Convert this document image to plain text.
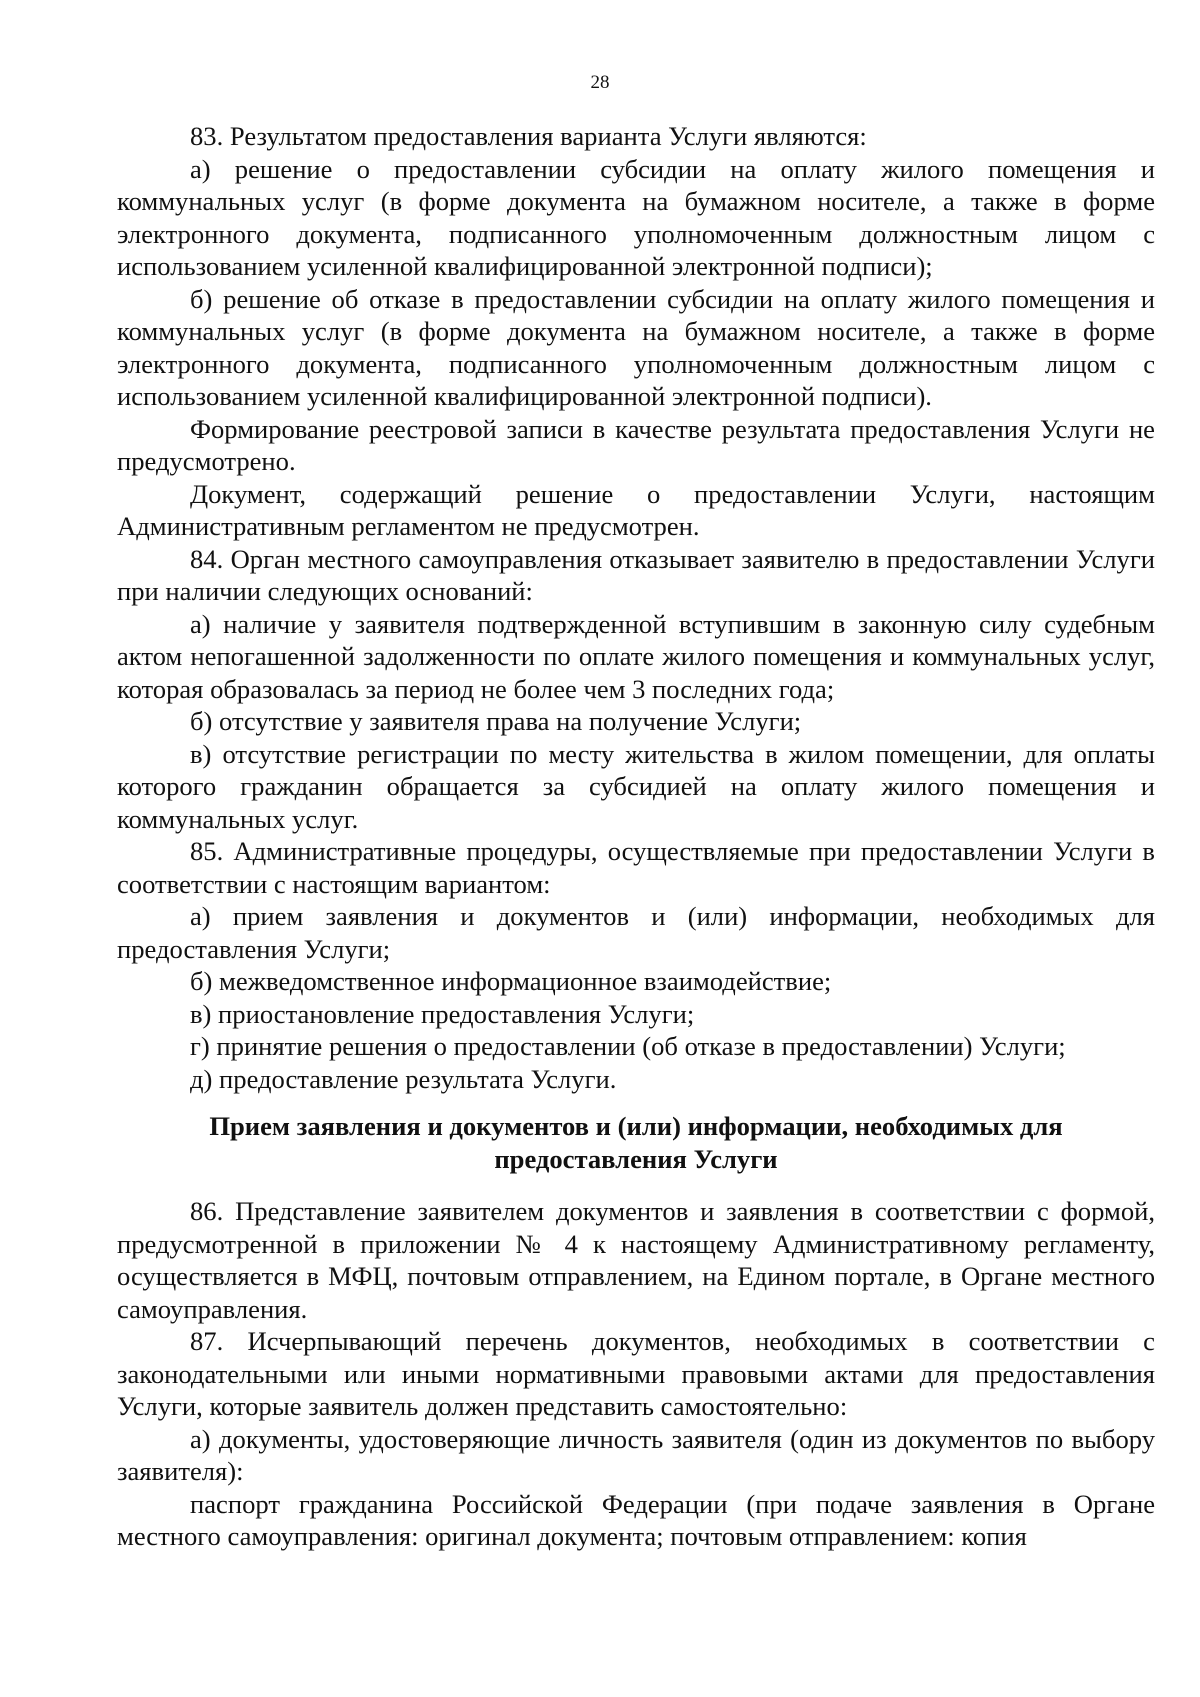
28

83. Результатом предоставления варианта Услуги являются:

а) решение о предоставлении субсидии на оплату жилого помещения и коммунальных услуг (в форме документа на бумажном носителе, а также в форме электронного документа, подписанного уполномоченным должностным лицом с использованием усиленной квалифицированной электронной подписи);

б) решение об отказе в предоставлении субсидии на оплату жилого помещения и коммунальных услуг (в форме документа на бумажном носителе, а также в форме электронного документа, подписанного уполномоченным должностным лицом с использованием усиленной квалифицированной электронной подписи).

Формирование реестровой записи в качестве результата предоставления Услуги не предусмотрено.

Документ, содержащий решение о предоставлении Услуги, настоящим Административным регламентом не предусмотрен.

84. Орган местного самоуправления отказывает заявителю в предоставлении Услуги при наличии следующих оснований:

а) наличие у заявителя подтвержденной вступившим в законную силу судебным актом непогашенной задолженности по оплате жилого помещения и коммунальных услуг, которая образовалась за период не более чем 3 последних года;

б) отсутствие у заявителя права на получение Услуги;

в) отсутствие регистрации по месту жительства в жилом помещении, для оплаты которого гражданин обращается за субсидией на оплату жилого помещения и коммунальных услуг.

85. Административные процедуры, осуществляемые при предоставлении Услуги в соответствии с настоящим вариантом:

а) прием заявления и документов и (или) информации, необходимых для предоставления Услуги;

б) межведомственное информационное взаимодействие;

в) приостановление предоставления Услуги;

г) принятие решения о предоставлении (об отказе в предоставлении) Услуги;

д) предоставление результата Услуги.

Прием заявления и документов и (или) информации, необходимых для предоставления Услуги

86. Представление заявителем документов и заявления в соответствии с формой, предусмотренной в приложении № 4 к настоящему Административному регламенту, осуществляется в МФЦ, почтовым отправлением, на Едином портале, в Органе местного самоуправления.

87. Исчерпывающий перечень документов, необходимых в соответствии с законодательными или иными нормативными правовыми актами для предоставления Услуги, которые заявитель должен представить самостоятельно:

а) документы, удостоверяющие личность заявителя (один из документов по выбору заявителя):

паспорт гражданина Российской Федерации (при подаче заявления в Органе местного самоуправления: оригинал документа; почтовым отправлением: копия
